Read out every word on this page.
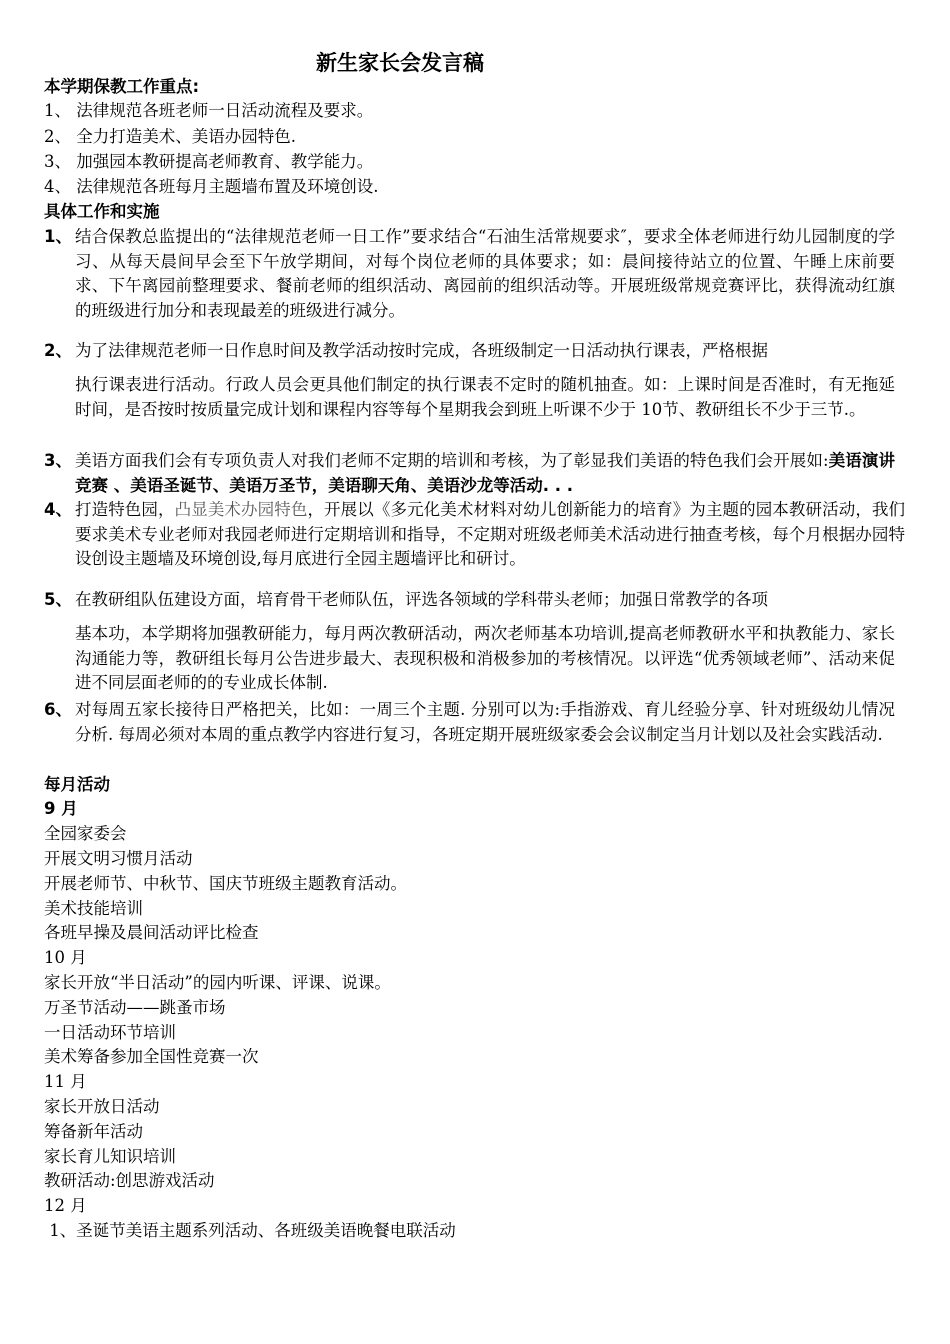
新生家长会发言稿
本学期保教工作重点:
1、 法律规范各班老师一日活动流程及要求。
2、 全力打造美术、美语办园特色.
3、 加强园本教研提高老师教育、教学能力。
4、 法律规范各班每月主题墙布置及环境创设.
具体工作和实施
1、 结合保教总监提出的“法律规范老师一日工作”要求结合“石油生活常规要求″，要求全体老师进行幼儿园制度的学习、从每天晨间早会至下午放学期间，对每个岗位老师的具体要求；如：晨间接待站立的位置、午睡上床前要求、下午离园前整理要求、餐前老师的组织活动、离园前的组织活动等。开展班级常规竞赛评比，获得流动红旗的班级进行加分和表现最差的班级进行减分。
2、 为了法律规范老师一日作息时间及教学活动按时完成，各班级制定一日活动执行课表，严格根据
执行课表进行活动。行政人员会更具他们制定的执行课表不定时的随机抽查。如：上课时间是否准时，有无拖延时间，是否按时按质量完成计划和课程内容等每个星期我会到班上听课不少于 10节、教研组长不少于三节.。
3、 美语方面我们会有专项负责人对我们老师不定期的培训和考核，为了彰显我们美语的特色我们会开展如:美语演讲竞赛 、美语圣诞节、美语万圣节，美语聊天角、美语沙龙等活动. . .
4、 打造特色园，凸显美术办园特色，开展以《多元化美术材料对幼儿创新能力的培育》为主题的园本教研活动，我们要求美术专业老师对我园老师进行定期培训和指导，不定期对班级老师美术活动进行抽查考核，每个月根据办园特设创设主题墙及环境创设,每月底进行全园主题墙评比和研讨。
5、 在教研组队伍建设方面，培育骨干老师队伍，评选各领域的学科带头老师；加强日常教学的各项
基本功，本学期将加强教研能力，每月两次教研活动，两次老师基本功培训,提高老师教研水平和执教能力、家长沟通能力等，教研组长每月公告进步最大、表现积极和消极参加的考核情况。以评选“优秀领域老师”、活动来促进不同层面老师的的专业成长体制.
6、 对每周五家长接待日严格把关，比如：一周三个主题. 分别可以为:手指游戏、育儿经验分享、针对班级幼儿情况分析. 每周必须对本周的重点教学内容进行复习，各班定期开展班级家委会会议制定当月计划以及社会实践活动.
每月活动
9 月
全园家委会
开展文明习惯月活动
开展老师节、中秋节、国庆节班级主题教育活动。
美术技能培训
各班早操及晨间活动评比检查
10 月
家长开放“半日活动”的园内听课、评课、说课。
万圣节活动——跳蚤市场
一日活动环节培训
美术筹备参加全国性竞赛一次
11 月
家长开放日活动
筹备新年活动
家长育儿知识培训
教研活动:创思游戏活动
12 月
1、圣诞节美语主题系列活动、各班级美语晚餐电联活动
